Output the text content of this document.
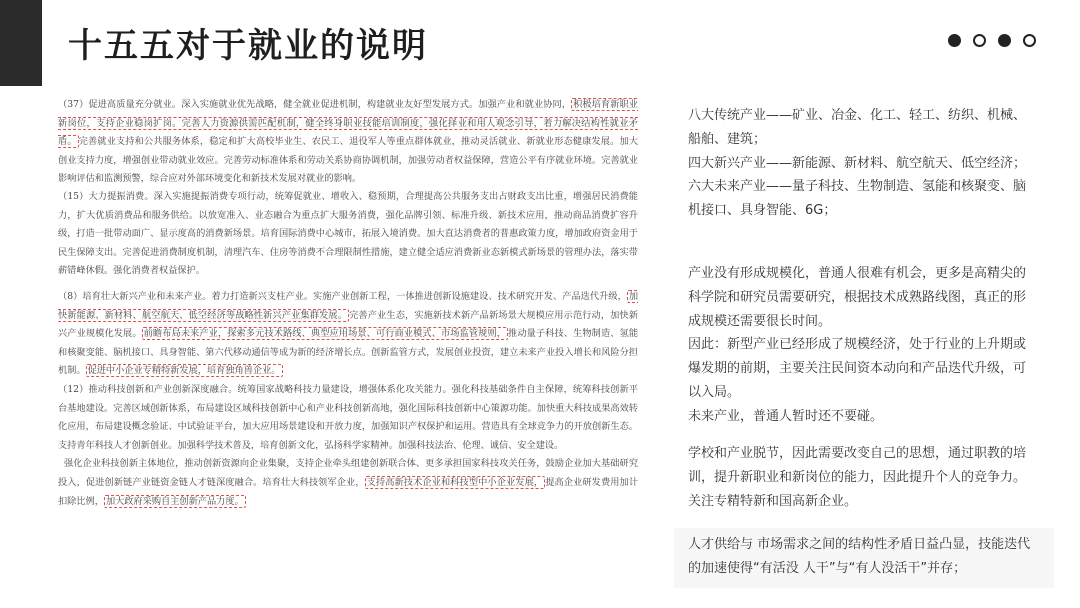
十五五对于就业的说明
（37）促进高质量充分就业。深入实施就业优先战略，健全就业促进机制，构建就业友好型发展方式。加强产业和就业协同， 积极培育新职业新岗位，支持企业稳岗扩岗。完善人力资源供需匹配机制，健全终身职业技能培训制度，强化择业和用人观念引导，着力解决结构性就业矛盾。 完善就业支持和公共服务体系，稳定和扩大高校毕业生、农民工、退役军人等重点群体就业，推动灵活就业、新就业形态健康发展。加大创业支持力度，增强创业带动就业效应。完善劳动标准体系和劳动关系协商协调机制，加强劳动者权益保障，营造公平有序就业环境。完善就业影响评估和监测预警，综合应对外部环境变化和新技术发展对就业的影响。
（15）大力提振消费。深入实施提振消费专项行动，统筹促就业、增收入、稳预期，合理提高公共服务支出占财政支出比重，增强居民消费能力，扩大优质消费品和服务供给。以放宽准入、业态融合为重点扩大服务消费，强化品牌引领、标准升级、新技术应用，推动商品消费扩容升级，打造一批带动面广、显示度高的消费新场景。培育国际消费中心城市，拓展入境消费。加大直达消费者的普惠政策力度，增加政府资金用于民生保障支出。完善促进消费制度机制，清理汽车、住房等消费不合理限制性措施，建立健全适应消费新业态新模式新场景的管理办法，落实带薪错峰休假。强化消费者权益保护。
（8）培育壮大新兴产业和未来产业。着力打造新兴支柱产业。实施产业创新工程，一体推进创新设施建设、技术研究开发、产品迭代升级， 加快新能源、新材料、航空航天、低空经济等战略性新兴产业集群发展。 完善产业生态，实施新技术新产品新场景大规模应用示范行动，加快新兴产业规模化发展。 前瞻布局未来产业，探索多元技术路线、典型应用场景、可行商业模式、市场监管规则， 推动量子科技、生物制造、氢能和核聚变能、脑机接口、具身智能、第六代移动通信等成为新的经济增长点。创新监管方式，发展创业投资，建立未来产业投入增长和风险分担机制。 促进中小企业专精特新发展，培育独角兽企业。
（12）推动科技创新和产业创新深度融合。统筹国家战略科技力量建设，增强体系化攻关能力。强化科技基础条件自主保障，统筹科技创新平台基地建设。完善区域创新体系，布局建设区域科技创新中心和产业科技创新高地，强化国际科技创新中心策源功能。加快重大科技成果高效转化应用，布局建设概念验证、中试验证平台，加大应用场景建设和开放力度，加强知识产权保护和运用。营造具有全球竞争力的开放创新生态。支持青年科技人才创新创业。加强科学技术普及，培育创新文化，弘扬科学家精神。加强科技法治、伦理、诚信、安全建设。
强化企业科技创新主体地位，推动创新资源向企业集聚，支持企业牵头组建创新联合体、更多承担国家科技攻关任务，鼓励企业加大基础研究投入，促进创新链产业链资金链人才链深度融合。培育壮大科技领军企业， 支持高新技术企业和科技型中小企业发展， 提高企业研发费用加计扣除比例， 加大政府采购自主创新产品力度。

八大传统产业——矿业、冶金、化工、轻工、纺织、机械、船舶、建筑；

四大新兴产业——新能源、新材料、航空航天、低空经济；

六大未来产业——量子科技、生物制造、氢能和核聚变、脑机接口、具身智能、6G；

产业没有形成规模化，普通人很难有机会，更多是高精尖的科学院和研究员需要研究，根据技术成熟路线图，真正的形成规模还需要很长时间。

因此：新型产业已经形成了规模经济，处于行业的上升期或爆发期的前期，主要关注民间资本动向和产品迭代升级，可以入局。

未来产业，普通人暂时还不要碰。

学校和产业脱节，因此需要改变自己的思想，通过职教的培训，提升新职业和新岗位的能力，因此提升个人的竞争力。关注专精特新和国高新企业。

人才供给与 市场需求之间的结构性矛盾日益凸显，技能迭代的加速使得“有活没 人干”与“有人没活干”并存；
